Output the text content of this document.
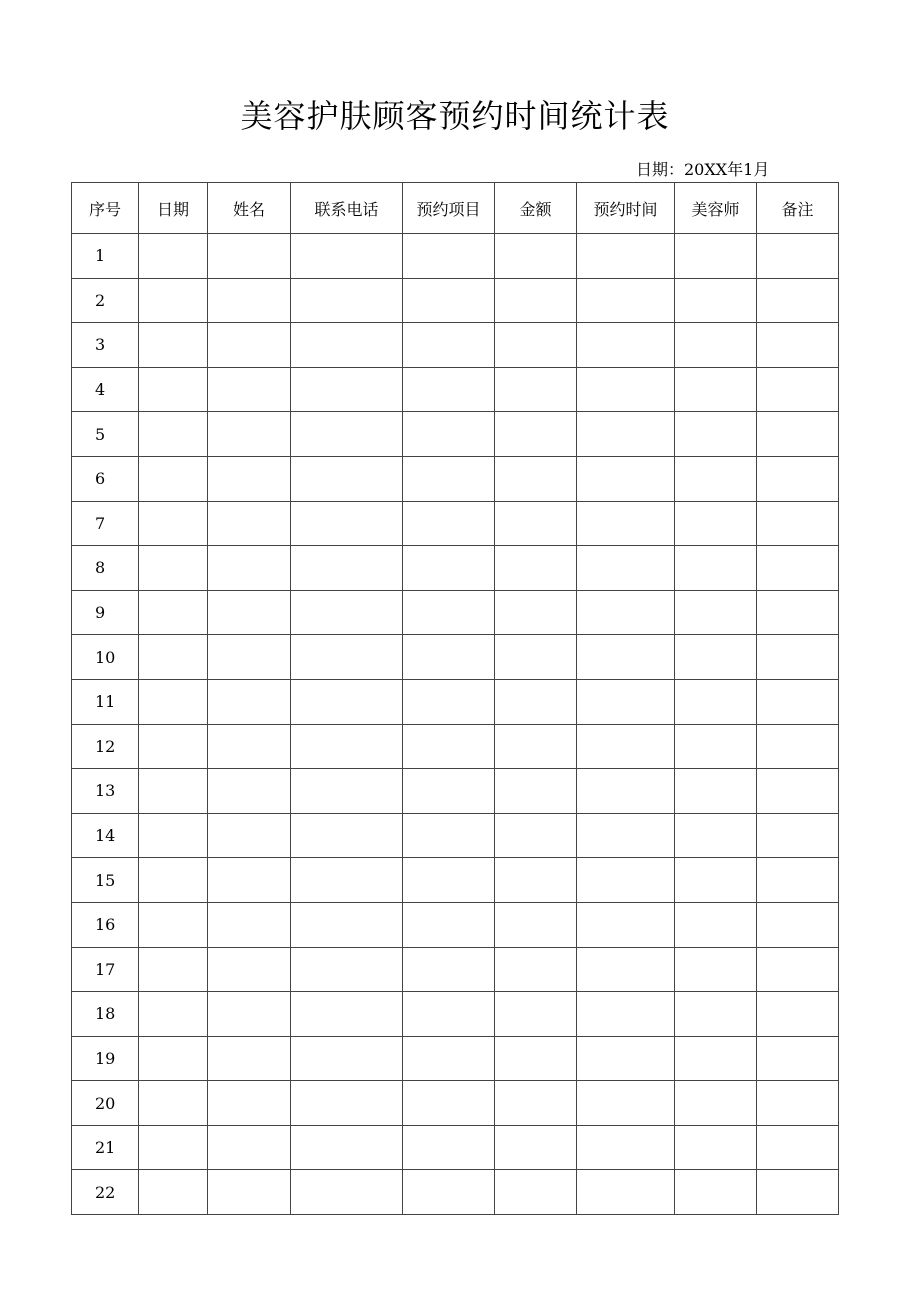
美容护肤顾客预约时间统计表
日期：20XX年1月
序号	日期	姓名	联系电话	预约项目	金额	预约时间	美容师	备注
1								
2								
3								
4								
5								
6								
7								
8								
9								
10								
11								
12								
13								
14								
15								
16								
17								
18								
19								
20								
21								
22								
